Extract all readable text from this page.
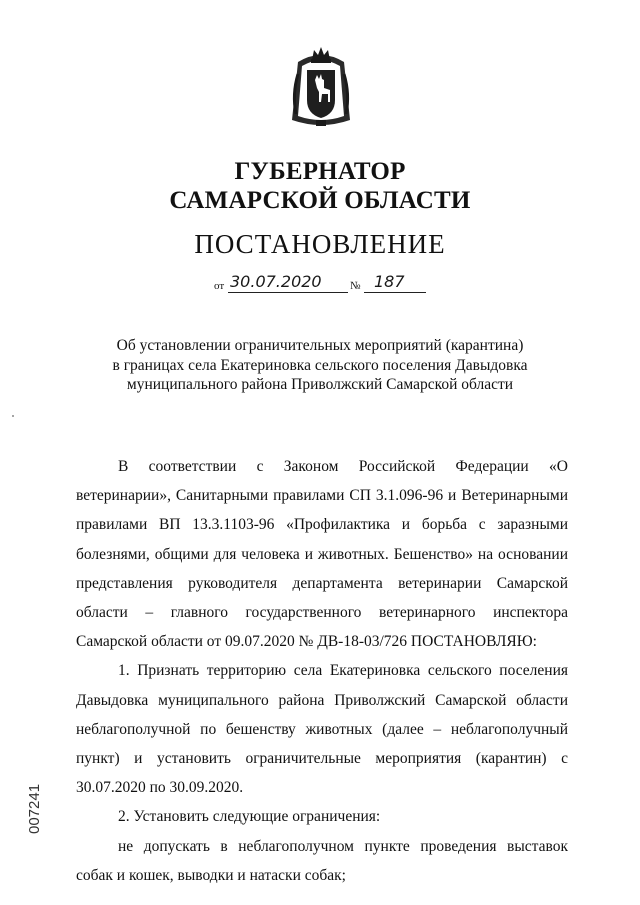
ГУБЕРНАТОР
САМАРСКОЙ ОБЛАСТИ
ПОСТАНОВЛЕНИЕ
от 30.07.2020	№ 187
Об установлении ограничительных мероприятий (карантина)
в границах села Екатериновка сельского поселения Давыдовка
муниципального района Приволжский Самарской области

В соответствии с Законом Российской Федерации «О ветеринарии», Санитарными правилами СП 3.1.096-96 и Ветеринарными правилами ВП 13.3.1103-96 «Профилактика и борьба с заразными болезнями, общими для человека и животных. Бешенство» на основании представления руководителя департамента ветеринарии Самарской области – главного государственного ветеринарного инспектора Самарской области от 09.07.2020 № ДВ-18-03/726 ПОСТАНОВЛЯЮ:

1. Признать территорию села Екатериновка сельского поселения Давыдовка муниципального района Приволжский Самарской области неблагополучной по бешенству животных (далее – неблагополучный пункт) и установить ограничительные мероприятия (карантин) с 30.07.2020 по 30.09.2020.

2. Установить следующие ограничения:

не допускать в неблагополучном пункте проведения выставок собак и кошек, выводки и натаски собак;

007241
